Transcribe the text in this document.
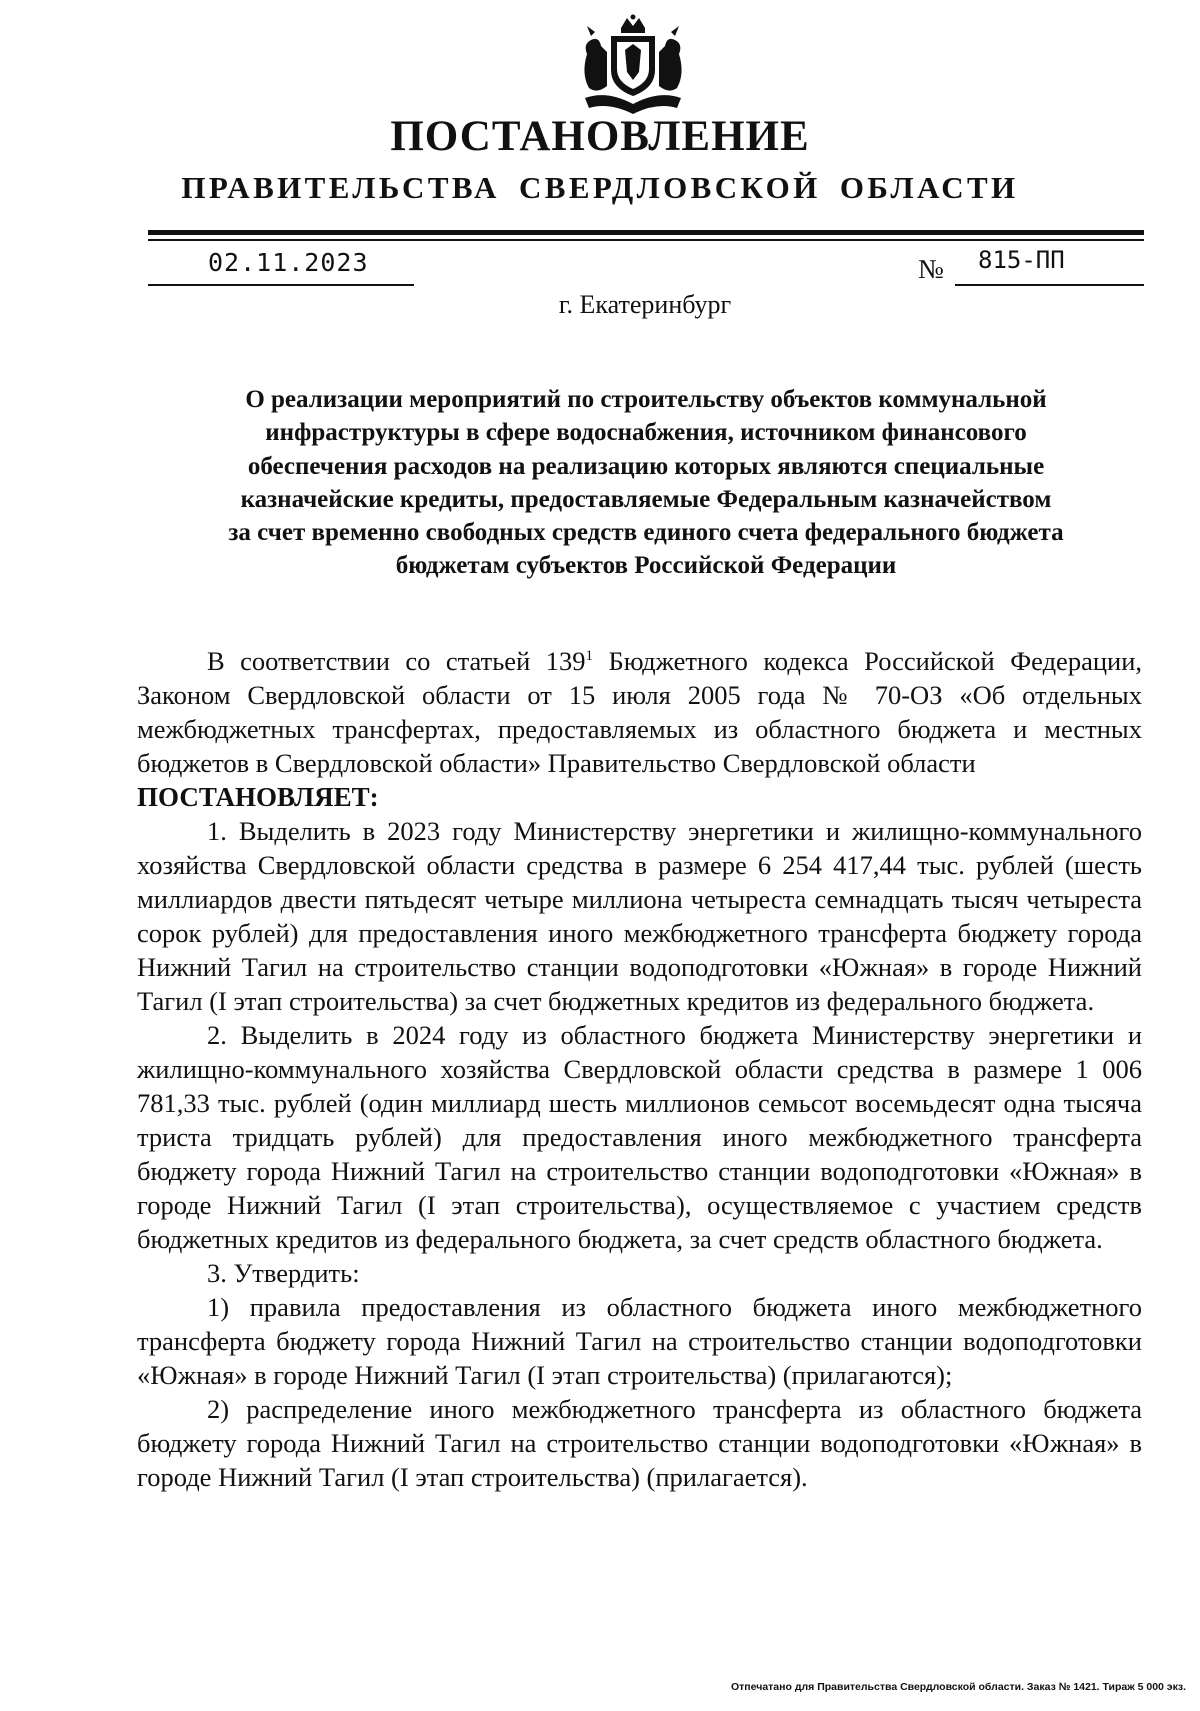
ПОСТАНОВЛЕНИЕ
ПРАВИТЕЛЬСТВА СВЕРДЛОВСКОЙ ОБЛАСТИ
02.11.2023	№ 815-ПП
г. Екатеринбург
О реализации мероприятий по строительству объектов коммунальной
инфраструктуры в сфере водоснабжения, источником финансового
обеспечения расходов на реализацию которых являются специальные
казначейские кредиты, предоставляемые Федеральным казначейством
за счет временно свободных средств единого счета федерального бюджета
бюджетам субъектов Российской Федерации

В соответствии со статьей $139^1$ Бюджетного кодекса Российской Федерации, Законом Свердловской области от 15 июля 2005 года № 70-ОЗ «Об отдельных межбюджетных трансфертах, предоставляемых из областного бюджета и местных бюджетов в Свердловской области» Правительство Свердловской области

ПОСТАНОВЛЯЕТ:

1. Выделить в 2023 году Министерству энергетики и жилищно-коммунального хозяйства Свердловской области средства в размере 6 254 417,44 тыс. рублей (шесть миллиардов двести пятьдесят четыре миллиона четыреста семнадцать тысяч четыреста сорок рублей) для предоставления иного межбюджетного трансферта бюджету города Нижний Тагил на строительство станции водоподготовки «Южная» в городе Нижний Тагил (I этап строительства) за счет бюджетных кредитов из федерального бюджета.

2. Выделить в 2024 году из областного бюджета Министерству энергетики и жилищно-коммунального хозяйства Свердловской области средства в размере 1 006 781,33 тыс. рублей (один миллиард шесть миллионов семьсот восемьдесят одна тысяча триста тридцать рублей) для предоставления иного межбюджетного трансферта бюджету города Нижний Тагил на строительство станции водоподготовки «Южная» в городе Нижний Тагил (I этап строительства), осуществляемое с участием средств бюджетных кредитов из федерального бюджета, за счет средств областного бюджета.

3. Утвердить:

1) правила предоставления из областного бюджета иного межбюджетного трансферта бюджету города Нижний Тагил на строительство станции водоподготовки «Южная» в городе Нижний Тагил (I этап строительства) (прилагаются);

2) распределение иного межбюджетного трансферта из областного бюджета бюджету города Нижний Тагил на строительство станции водоподготовки «Южная» в городе Нижний Тагил (I этап строительства) (прилагается).

Отпечатано для Правительства Свердловской области. Заказ № 1421. Тираж 5 000 экз.
